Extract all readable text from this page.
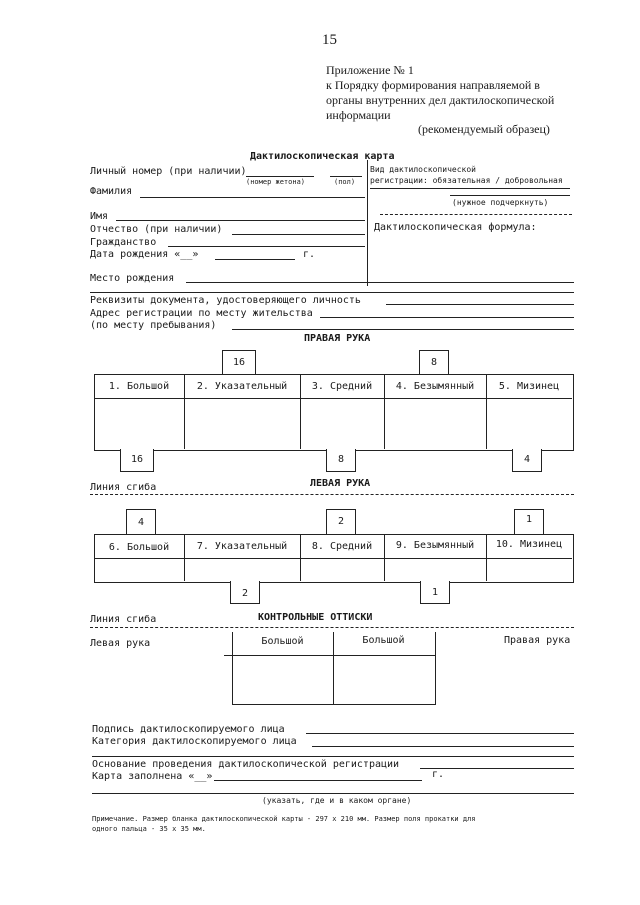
15
Приложение № 1
к Порядку формирования направляемой в
органы внутренних дел дактилоскопической
информации
(рекомендуемый образец)
Дактилоскопическая карта
Личный номер (при наличии)
(номер жетона)	(пол)
Вид дактилоскопической
регистрации: обязательная / добровольная
(нужное подчеркнуть)
Фамилия
Имя
Отчество (при наличии)
Гражданство
Дата рождения «__»	г.
Дактилоскопическая формула:
Место рождения
Реквизиты документа, удостоверяющего личность
Адрес регистрации по месту жительства
(по месту пребывания)
ПРАВАЯ РУКА
16	8
1. Большой	2. Указательный	3. Средний	4. Безымянный	5. Мизинец
16	8	4
Линия сгиба	ЛЕВАЯ РУКА
4	2	1
6. Большой	7. Указательный	8. Средний	9. Безымянный	10. Мизинец
2	1
Линия сгиба	КОНТРОЛЬНЫЕ ОТТИСКИ
Левая рука	Правая рука
Большой	Большой
Подпись дактилоскопируемого лица
Категория дактилоскопируемого лица
Основание проведения дактилоскопической регистрации
Карта заполнена «__»	г.
(указать, где и в каком органе)
Примечание. Размер бланка дактилоскопической карты - 297 х 210 мм. Размер поля прокатки для
одного пальца - 35 х 35 мм.
